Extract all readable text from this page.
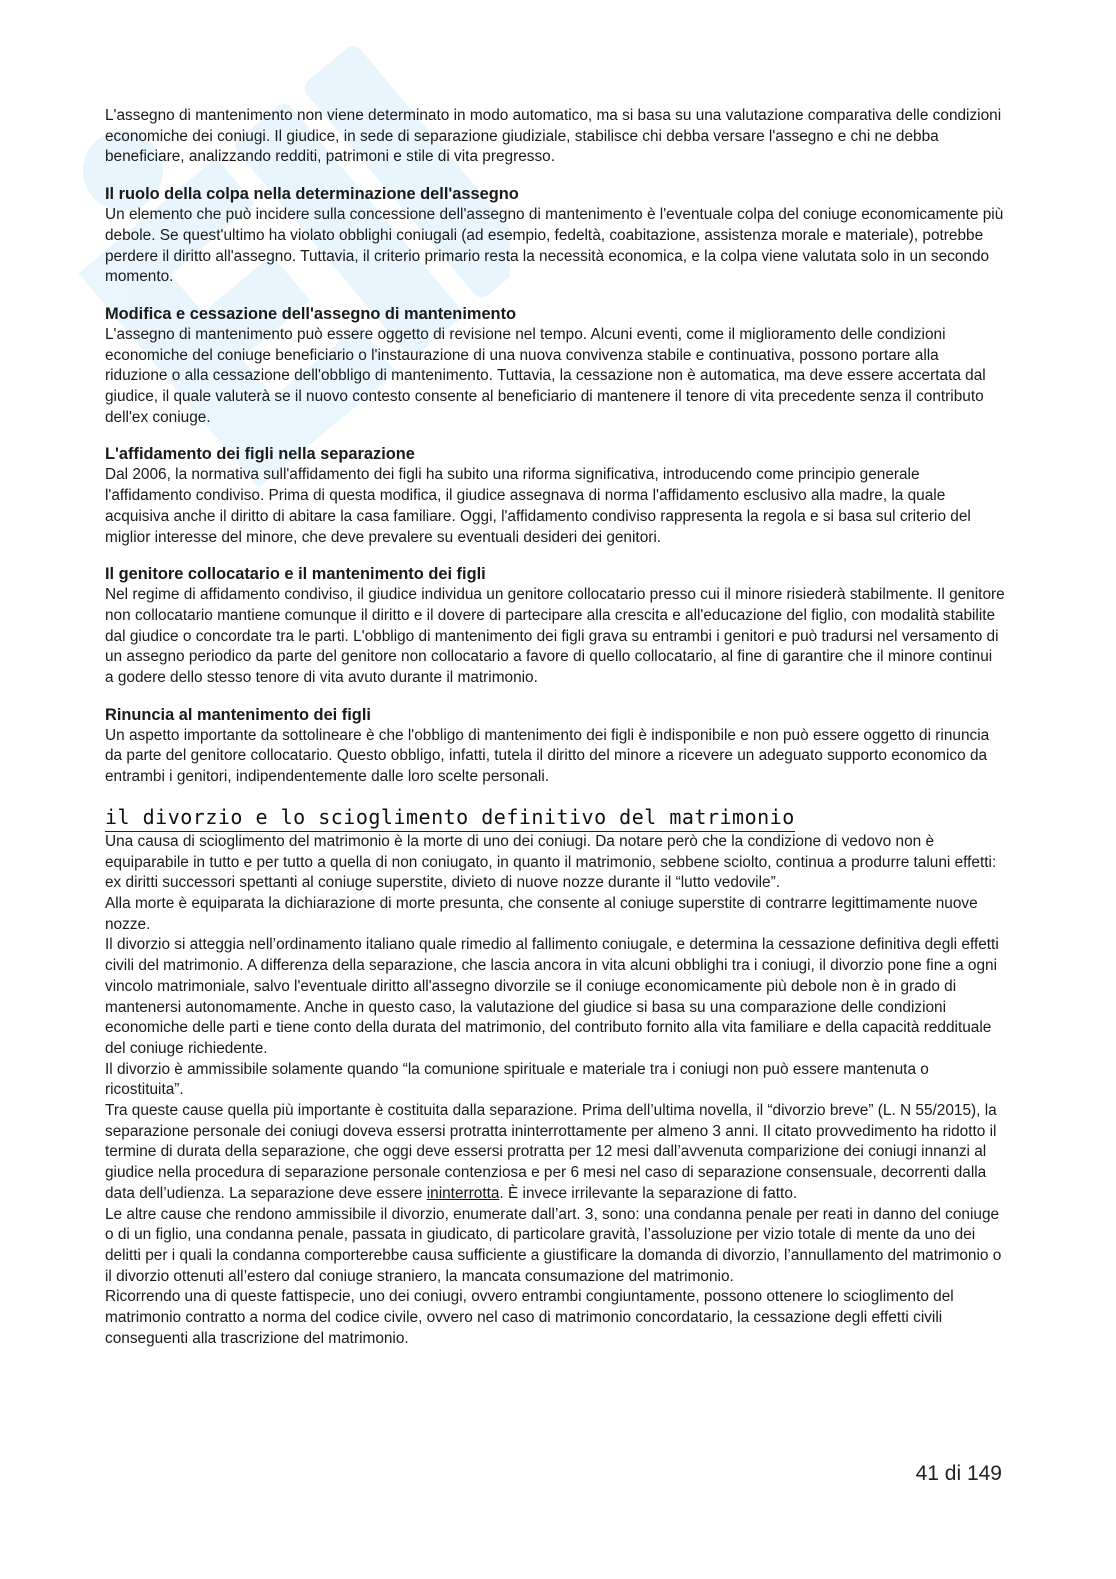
L'assegno di mantenimento non viene determinato in modo automatico, ma si basa su una valutazione comparativa delle condizioni economiche dei coniugi. Il giudice, in sede di separazione giudiziale, stabilisce chi debba versare l'assegno e chi ne debba beneficiare, analizzando redditi, patrimoni e stile di vita pregresso.

Il ruolo della colpa nella determinazione dell'assegno

Un elemento che può incidere sulla concessione dell'assegno di mantenimento è l'eventuale colpa del coniuge economicamente più debole. Se quest'ultimo ha violato obblighi coniugali (ad esempio, fedeltà, coabitazione, assistenza morale e materiale), potrebbe perdere il diritto all'assegno. Tuttavia, il criterio primario resta la necessità economica, e la colpa viene valutata solo in un secondo momento.

Modifica e cessazione dell'assegno di mantenimento

L'assegno di mantenimento può essere oggetto di revisione nel tempo. Alcuni eventi, come il miglioramento delle condizioni economiche del coniuge beneficiario o l'instaurazione di una nuova convivenza stabile e continuativa, possono portare alla riduzione o alla cessazione dell'obbligo di mantenimento. Tuttavia, la cessazione non è automatica, ma deve essere accertata dal giudice, il quale valuterà se il nuovo contesto consente al beneficiario di mantenere il tenore di vita precedente senza il contributo dell'ex coniuge.

L'affidamento dei figli nella separazione

Dal 2006, la normativa sull'affidamento dei figli ha subito una riforma significativa, introducendo come principio generale l'affidamento condiviso. Prima di questa modifica, il giudice assegnava di norma l'affidamento esclusivo alla madre, la quale acquisiva anche il diritto di abitare la casa familiare. Oggi, l'affidamento condiviso rappresenta la regola e si basa sul criterio del miglior interesse del minore, che deve prevalere su eventuali desideri dei genitori.

Il genitore collocatario e il mantenimento dei figli

Nel regime di affidamento condiviso, il giudice individua un genitore collocatario presso cui il minore risiederà stabilmente. Il genitore non collocatario mantiene comunque il diritto e il dovere di partecipare alla crescita e all'educazione del figlio, con modalità stabilite dal giudice o concordate tra le parti. L'obbligo di mantenimento dei figli grava su entrambi i genitori e può tradursi nel versamento di un assegno periodico da parte del genitore non collocatario a favore di quello collocatario, al fine di garantire che il minore continui a godere dello stesso tenore di vita avuto durante il matrimonio.

Rinuncia al mantenimento dei figli

Un aspetto importante da sottolineare è che l'obbligo di mantenimento dei figli è indisponibile e non può essere oggetto di rinuncia da parte del genitore collocatario. Questo obbligo, infatti, tutela il diritto del minore a ricevere un adeguato supporto economico da entrambi i genitori, indipendentemente dalle loro scelte personali.

il divorzio e lo scioglimento definitivo del matrimonio

Una causa di scioglimento del matrimonio è la morte di uno dei coniugi. Da notare però che la condizione di vedovo non è equiparabile in tutto e per tutto a quella di non coniugato, in quanto il matrimonio, sebbene sciolto, continua a produrre taluni effetti: ex diritti successori spettanti al coniuge superstite, divieto di nuove nozze durante il “lutto vedovile”.

Alla morte è equiparata la dichiarazione di morte presunta, che consente al coniuge superstite di contrarre legittimamente nuove nozze.

Il divorzio si atteggia nell’ordinamento italiano quale rimedio al fallimento coniugale, e determina la cessazione definitiva degli effetti civili del matrimonio. A differenza della separazione, che lascia ancora in vita alcuni obblighi tra i coniugi, il divorzio pone fine a ogni vincolo matrimoniale, salvo l'eventuale diritto all'assegno divorzile se il coniuge economicamente più debole non è in grado di mantenersi autonomamente. Anche in questo caso, la valutazione del giudice si basa su una comparazione delle condizioni economiche delle parti e tiene conto della durata del matrimonio, del contributo fornito alla vita familiare e della capacità reddituale del coniuge richiedente.

Il divorzio è ammissibile solamente quando “la comunione spirituale e materiale tra i coniugi non può essere mantenuta o ricostituita”.

Tra queste cause quella più importante è costituita dalla separazione. Prima dell’ultima novella, il “divorzio breve” (L. N 55/2015), la separazione personale dei coniugi doveva essersi protratta ininterrottamente per almeno 3 anni. Il citato provvedimento ha ridotto il termine di durata della separazione, che oggi deve essersi protratta per 12 mesi dall’avvenuta comparizione dei coniugi innanzi al giudice nella procedura di separazione personale contenziosa e per 6 mesi nel caso di separazione consensuale, decorrenti dalla data dell’udienza. La separazione deve essere ininterrotta. È invece irrilevante la separazione di fatto.

Le altre cause che rendono ammissibile il divorzio, enumerate dall’art. 3, sono: una condanna penale per reati in danno del coniuge o di un figlio, una condanna penale, passata in giudicato, di particolare gravità, l’assoluzione per vizio totale di mente da uno dei delitti per i quali la condanna comporterebbe causa sufficiente a giustificare la domanda di divorzio, l’annullamento del matrimonio o il divorzio ottenuti all’estero dal coniuge straniero, la mancata consumazione del matrimonio.

Ricorrendo una di queste fattispecie, uno dei coniugi, ovvero entrambi congiuntamente, possono ottenere lo scioglimento del matrimonio contratto a norma del codice civile, ovvero nel caso di matrimonio concordatario, la cessazione degli effetti civili conseguenti alla trascrizione del matrimonio.

41 di 149
